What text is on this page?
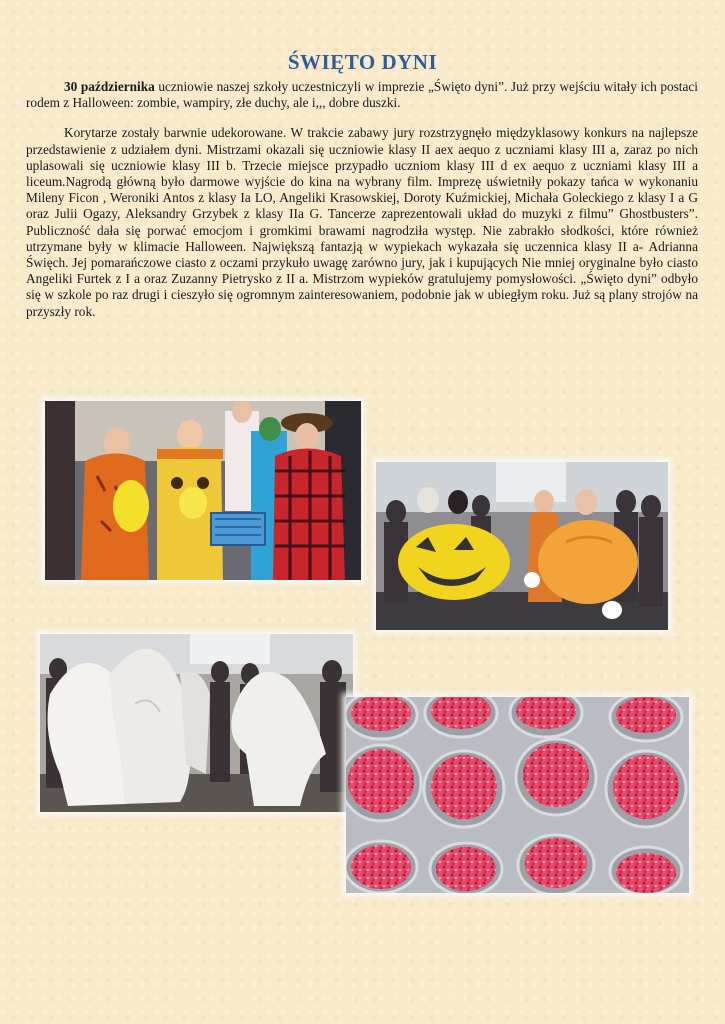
ŚWIĘTO DYNI

30 października uczniowie naszej szkoły uczestniczyli w imprezie „Święto dyni”. Już przy wejściu witały ich postaci rodem z Halloween: zombie, wampiry, złe duchy, ale i,,, dobre duszki.

Korytarze zostały barwnie udekorowane. W trakcie zabawy jury rozstrzygnęło międzyklasowy konkurs na najlepsze przedstawienie z udziałem dyni. Mistrzami okazali się uczniowie klasy II aex aequo z uczniami klasy III a, zaraz po nich uplasowali się uczniowie klasy III b. Trzecie miejsce przypadło uczniom klasy III d ex aequo z uczniami klasy III a liceum.Nagrodą główną było darmowe wyjście do kina na wybrany film. Imprezę uświetniły pokazy tańca w wykonaniu Mileny Ficon , Weroniki Antos z klasy Ia LO, Angeliki Krasowskiej, Doroty Kuźmickiej, Michała Goleckiego z klasy I a G oraz Julii Ogazy, Aleksandry Grzybek z klasy IIa G. Tancerze zaprezentowali układ do muzyki z filmu” Ghostbusters”. Publiczność dała się porwać emocjom i gromkimi brawami nagrodziła występ. Nie zabrakło słodkości, które również utrzymane były w klimacie Halloween. Największą fantazją w wypiekach wykazała się uczennica klasy II a- Adrianna Święch. Jej pomarańczowe ciasto z oczami przykuło uwagę zarówno jury, jak i kupujących Nie mniej oryginalne było ciasto Angeliki Furtek z I a oraz Zuzanny Pietrysko z II a. Mistrzom wypieków gratulujemy pomysłowości. „Święto dyni” odbyło się w szkole po raz drugi i cieszyło się ogromnym zainteresowaniem, podobnie jak w ubiegłym roku. Już są plany strojów na przyszły rok.
